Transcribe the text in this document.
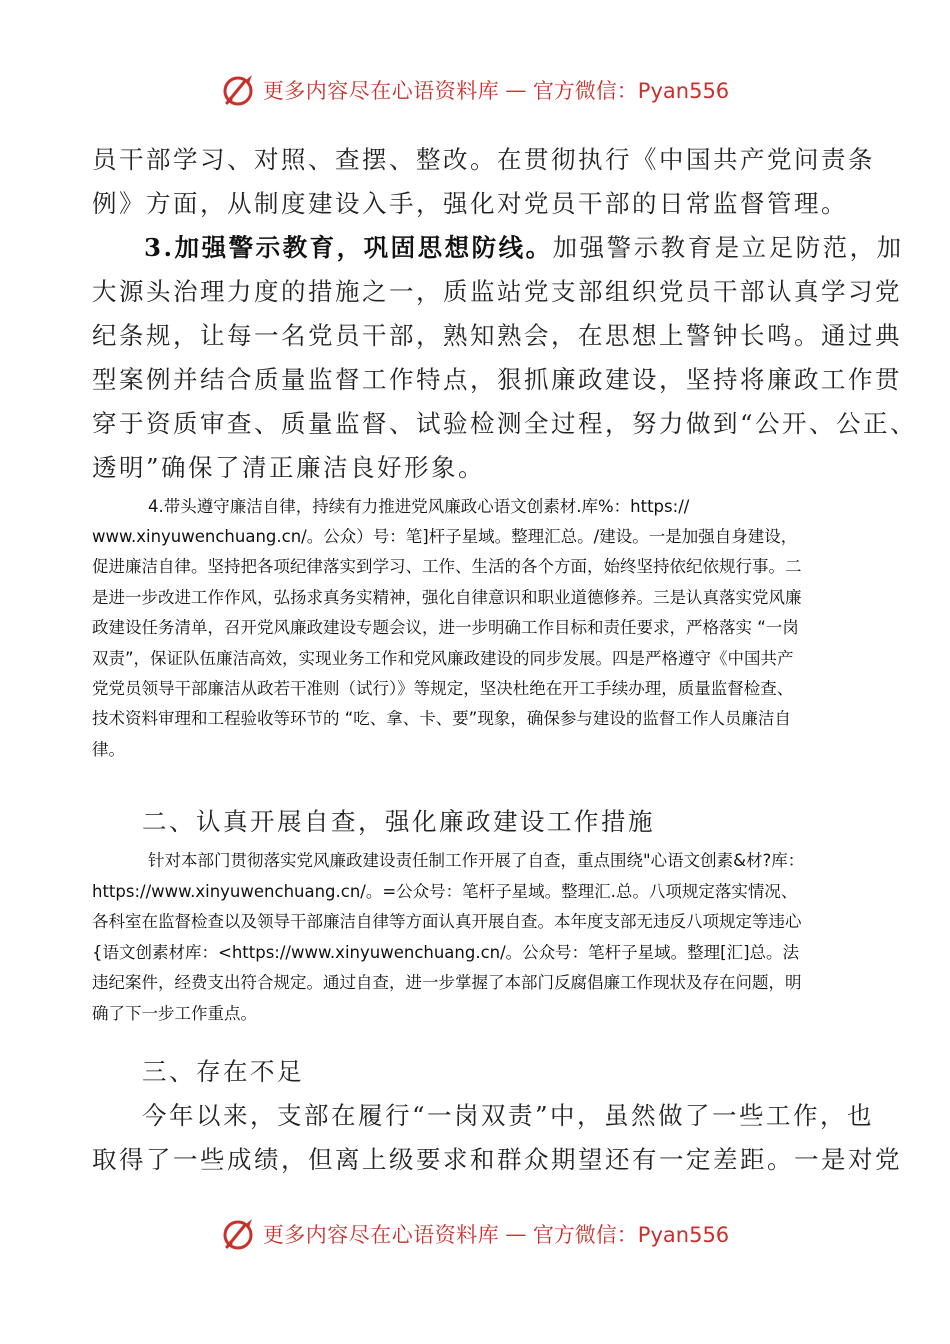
更多内容尽在心语资料库 — 官方微信：Pyan556
员干部学习、对照、查摆、整改。在贯彻执行《中国共产党问责条
例》方面，从制度建设入手，强化对党员干部的日常监督管理。
3.加强警示教育，巩固思想防线。加强警示教育是立足防范，加
大源头治理力度的措施之一，质监站党支部组织党员干部认真学习党
纪条规，让每一名党员干部，熟知熟会，在思想上警钟长鸣。通过典
型案例并结合质量监督工作特点，狠抓廉政建设，坚持将廉政工作贯
穿于资质审查、质量监督、试验检测全过程，努力做到“公开、公正、
透明”确保了清正廉洁良好形象。
4.带头遵守廉洁自律，持续有力推进党风廉政心语文创素材.库%：https://
www.xinyuwenchuang.cn/。公众）号：笔]杆子星域。整理汇总。/建设。一是加强自身建设，
促进廉洁自律。坚持把各项纪律落实到学习、工作、生活的各个方面，始终坚持依纪依规行事。二
是进一步改进工作作风，弘扬求真务实精神，强化自律意识和职业道德修养。三是认真落实党风廉
政建设任务清单，召开党风廉政建设专题会议，进一步明确工作目标和责任要求，严格落实 “一岗
双责”，保证队伍廉洁高效，实现业务工作和党风廉政建设的同步发展。四是严格遵守《中国共产
党党员领导干部廉洁从政若干准则（试行）》等规定，坚决杜绝在开工手续办理，质量监督检查、
技术资料审理和工程验收等环节的 “吃、拿、卡、要”现象，确保参与建设的监督工作人员廉洁自
律。
二、认真开展自查，强化廉政建设工作措施
针对本部门贯彻落实党风廉政建设责任制工作开展了自查，重点围绕"心语文创素&材?库：
https://www.xinyuwenchuang.cn/。=公众号：笔杆子星域。整理汇.总。八项规定落实情况、
各科室在监督检查以及领导干部廉洁自律等方面认真开展自查。本年度支部无违反八项规定等违心
{语文创素材库：<https://www.xinyuwenchuang.cn/。公众号：笔杆子星域。整理[汇]总。法
违纪案件，经费支出符合规定。通过自查，进一步掌握了本部门反腐倡廉工作现状及存在问题，明
确了下一步工作重点。
三、存在不足
今年以来，支部在履行“一岗双责”中，虽然做了一些工作，也
取得了一些成绩，但离上级要求和群众期望还有一定差距。一是对党
更多内容尽在心语资料库 — 官方微信：Pyan556
